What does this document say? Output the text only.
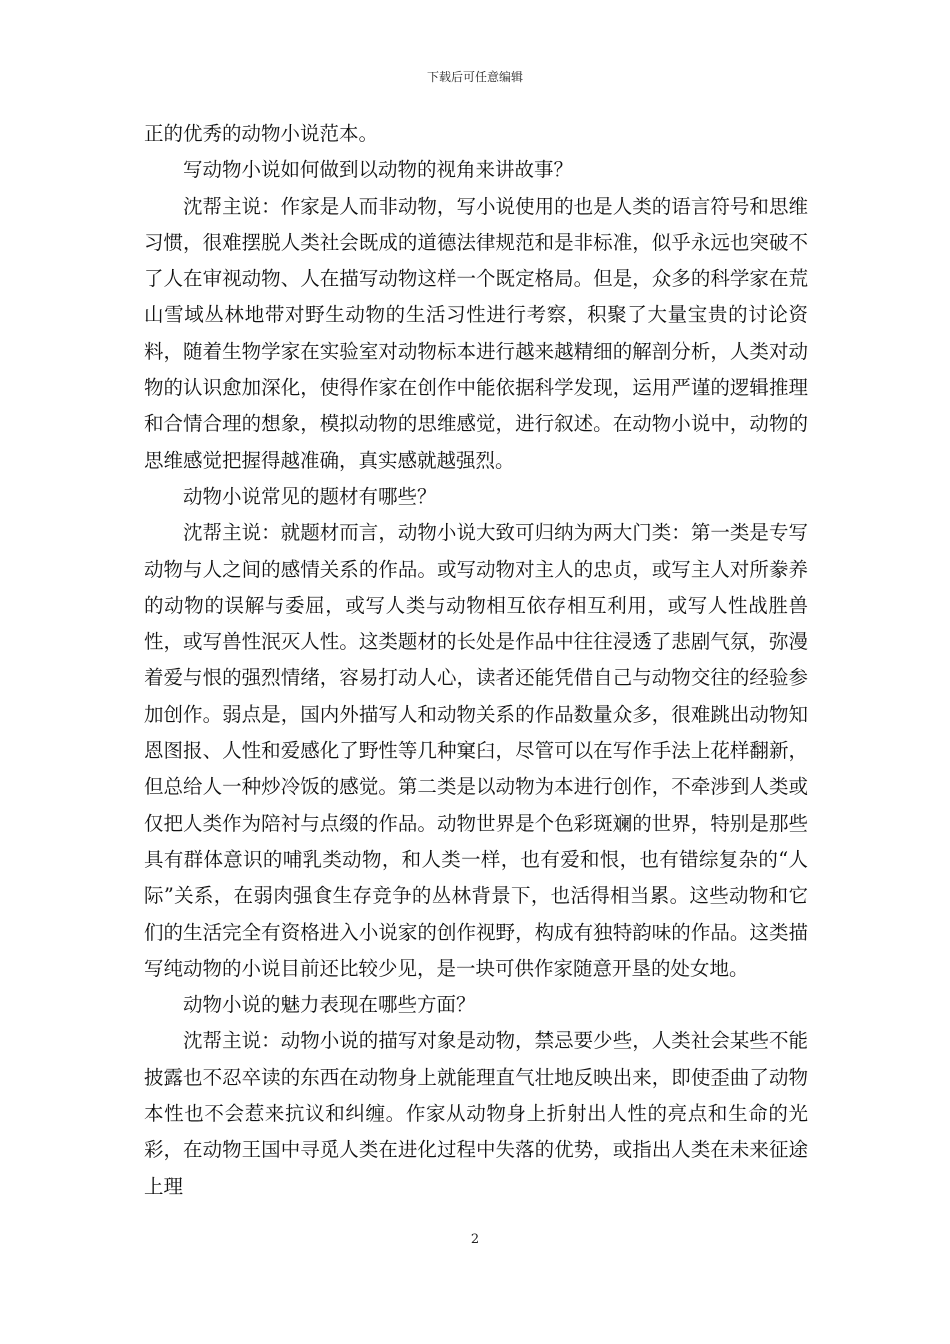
下载后可任意编辑

正的优秀的动物小说范本。

写动物小说如何做到以动物的视角来讲故事？

沈帮主说：作家是人而非动物，写小说使用的也是人类的语言符号和思维习惯，很难摆脱人类社会既成的道德法律规范和是非标准，似乎永远也突破不了人在审视动物、人在描写动物这样一个既定格局。但是，众多的科学家在荒山雪域丛林地带对野生动物的生活习性进行考察，积聚了大量宝贵的讨论资料，随着生物学家在实验室对动物标本进行越来越精细的解剖分析，人类对动物的认识愈加深化，使得作家在创作中能依据科学发现，运用严谨的逻辑推理和合情合理的想象，模拟动物的思维感觉，进行叙述。在动物小说中，动物的思维感觉把握得越准确，真实感就越强烈。

动物小说常见的题材有哪些？

沈帮主说：就题材而言，动物小说大致可归纳为两大门类：第一类是专写动物与人之间的感情关系的作品。或写动物对主人的忠贞，或写主人对所豢养的动物的误解与委屈，或写人类与动物相互依存相互利用，或写人性战胜兽性，或写兽性泯灭人性。这类题材的长处是作品中往往浸透了悲剧气氛，弥漫着爱与恨的强烈情绪，容易打动人心，读者还能凭借自己与动物交往的经验参加创作。弱点是，国内外描写人和动物关系的作品数量众多，很难跳出动物知恩图报、人性和爱感化了野性等几种窠臼，尽管可以在写作手法上花样翻新，但总给人一种炒冷饭的感觉。第二类是以动物为本进行创作，不牵涉到人类或仅把人类作为陪衬与点缀的作品。动物世界是个色彩斑斓的世界，特别是那些具有群体意识的哺乳类动物，和人类一样，也有爱和恨，也有错综复杂的“人际”关系，在弱肉强食生存竞争的丛林背景下，也活得相当累。这些动物和它们的生活完全有资格进入小说家的创作视野，构成有独特韵味的作品。这类描写纯动物的小说目前还比较少见，是一块可供作家随意开垦的处女地。

动物小说的魅力表现在哪些方面？

沈帮主说：动物小说的描写对象是动物，禁忌要少些，人类社会某些不能披露也不忍卒读的东西在动物身上就能理直气壮地反映出来，即使歪曲了动物本性也不会惹来抗议和纠缠。作家从动物身上折射出人性的亮点和生命的光彩，在动物王国中寻觅人类在进化过程中失落的优势，或指出人类在未来征途上理

2
